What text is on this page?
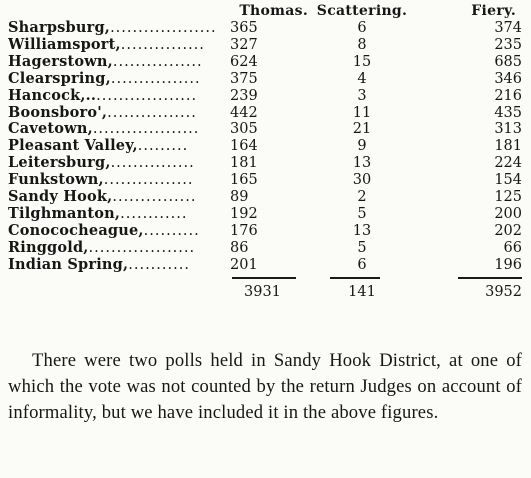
	Thomas.	Scattering.	Fiery.
Sharpsburg,...................	365	6	374
Williamsport,...............	327	8	235
Hagerstown,................	624	15	685
Clearspring,................	375	4	346
Hancock,....................	239	3	216
Boonsboro',................	442	11	435
Cavetown,...................	305	21	313
Pleasant Valley,.........	164	9	181
Leitersburg,...............	181	13	224
Funkstown,................	165	30	154
Sandy Hook,...............	89	2	125
Tilghmanton,............	192	5	200
Conococheague,..........	176	13	202
Ringgold,...................	86	5	66
Indian Spring,...........	201	6	196

	3931	141	3952

There were two polls held in Sandy Hook District, at one of which the vote was not counted by the return Judges on account of informality, but we have included it in the above figures.
